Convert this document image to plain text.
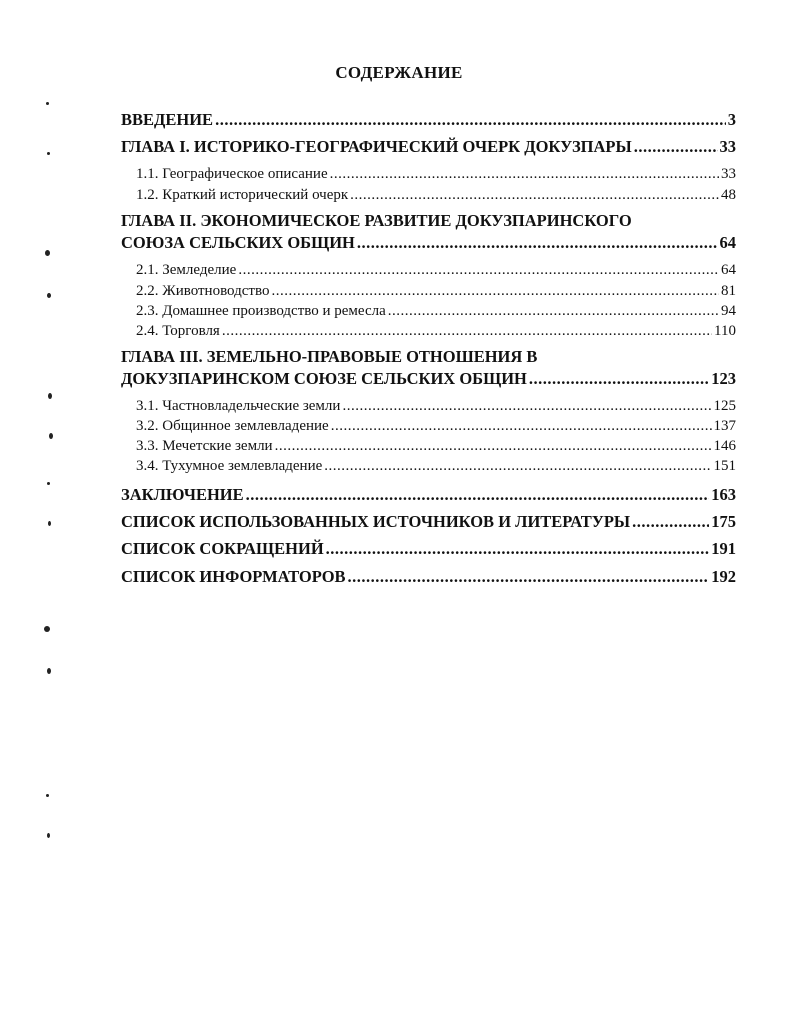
СОДЕРЖАНИЕ
ВВЕДЕНИЕ .....	3
ГЛАВА I. ИСТОРИКО-ГЕОГРАФИЧЕСКИЙ ОЧЕРК ДОКУЗПАРЫ .....	33
1.1. Географическое описание .....	33
1.2. Краткий исторический очерк .....	48
ГЛАВА II. ЭКОНОМИЧЕСКОЕ РАЗВИТИЕ ДОКУЗПАРИНСКОГО
СОЮЗА СЕЛЬСКИХ ОБЩИН .....	64
2.1. Земледелие .....	64
2.2. Животноводство .....	81
2.3. Домашнее производство и ремесла .....	94
2.4. Торговля .....	110
ГЛАВА III. ЗЕМЕЛЬНО-ПРАВОВЫЕ ОТНОШЕНИЯ В
ДОКУЗПАРИНСКОМ СОЮЗЕ СЕЛЬСКИХ ОБЩИН .....	123
3.1. Частновладельческие земли .....	125
3.2. Общинное землевладение .....	137
3.3. Мечетские земли .....	146
3.4. Тухумное землевладение .....	151
ЗАКЛЮЧЕНИЕ .....	163
СПИСОК ИСПОЛЬЗОВАННЫХ ИСТОЧНИКОВ И ЛИТЕРАТУРЫ .....	175
СПИСОК СОКРАЩЕНИЙ .....	191
СПИСОК ИНФОРМАТОРОВ .....	192
